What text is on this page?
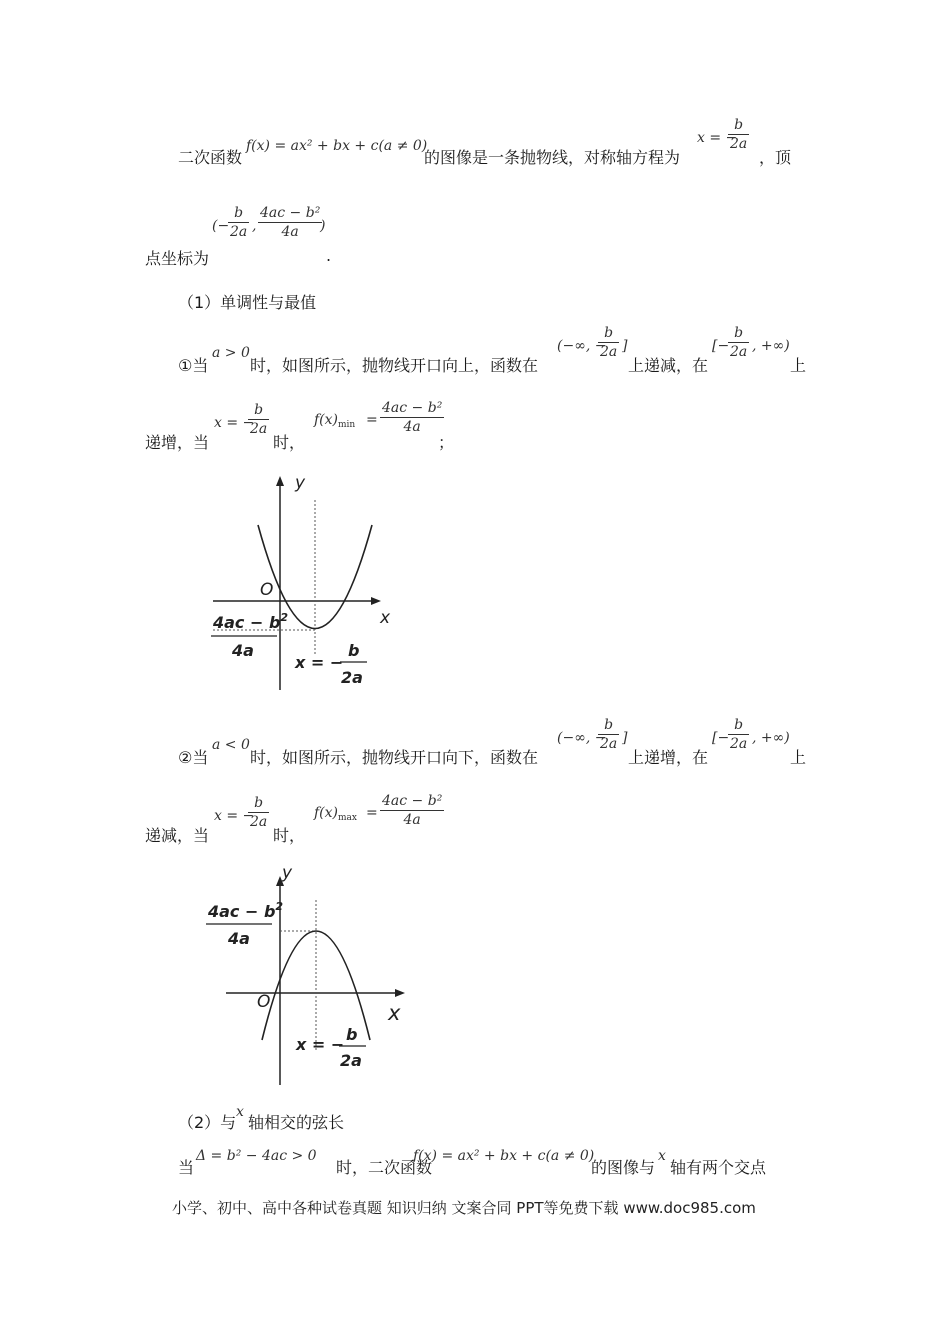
二次函数
f(x) = ax² + bx + c(a ≠ 0)
的图像是一条抛物线，对称轴方程为
x = −
$\frac{b}{2a}$
，顶
(−
$\frac{b}{2a}$ , $\frac{\text{4ac − b²}}{4a}$
)
点坐标为	.
（1）单调性与最值
①当
a > 0
时，如图所示，抛物线开口向上，函数在
(−∞, −
$\frac{b}{2a}$ ]
上递减，在
[−
$\frac{b}{2a}$ , +∞)
上
递增，当
x = −
$\frac{b}{2a}$
时，
$f(x)_{min} = \frac{\text{4ac − b²}}{4a}$
；
y
x
O
$4ac - b^2$
4a
x = −
b
2a
②当
a < 0
时，如图所示，抛物线开口向下，函数在
(−∞, −
$\frac{b}{2a}$ ]
上递增，在
[−
$\frac{b}{2a}$ , +∞)
上
递减，当
x = −
$\frac{b}{2a}$
时，
$f(x)_{max} = \frac{\text{4ac − b²}}{4a}$
y
x
O
$4ac - b^2$
4a
x = −
b
2a
（2）与
x
轴相交的弦长
当
Δ = b² − 4ac > 0
时，二次函数
f(x) = ax² + bx + c(a ≠ 0)
的图像与
x
轴有两个交点
小学、初中、高中各种试卷真题 知识归纳 文案合同 PPT等免费下载 www.doc985.com
